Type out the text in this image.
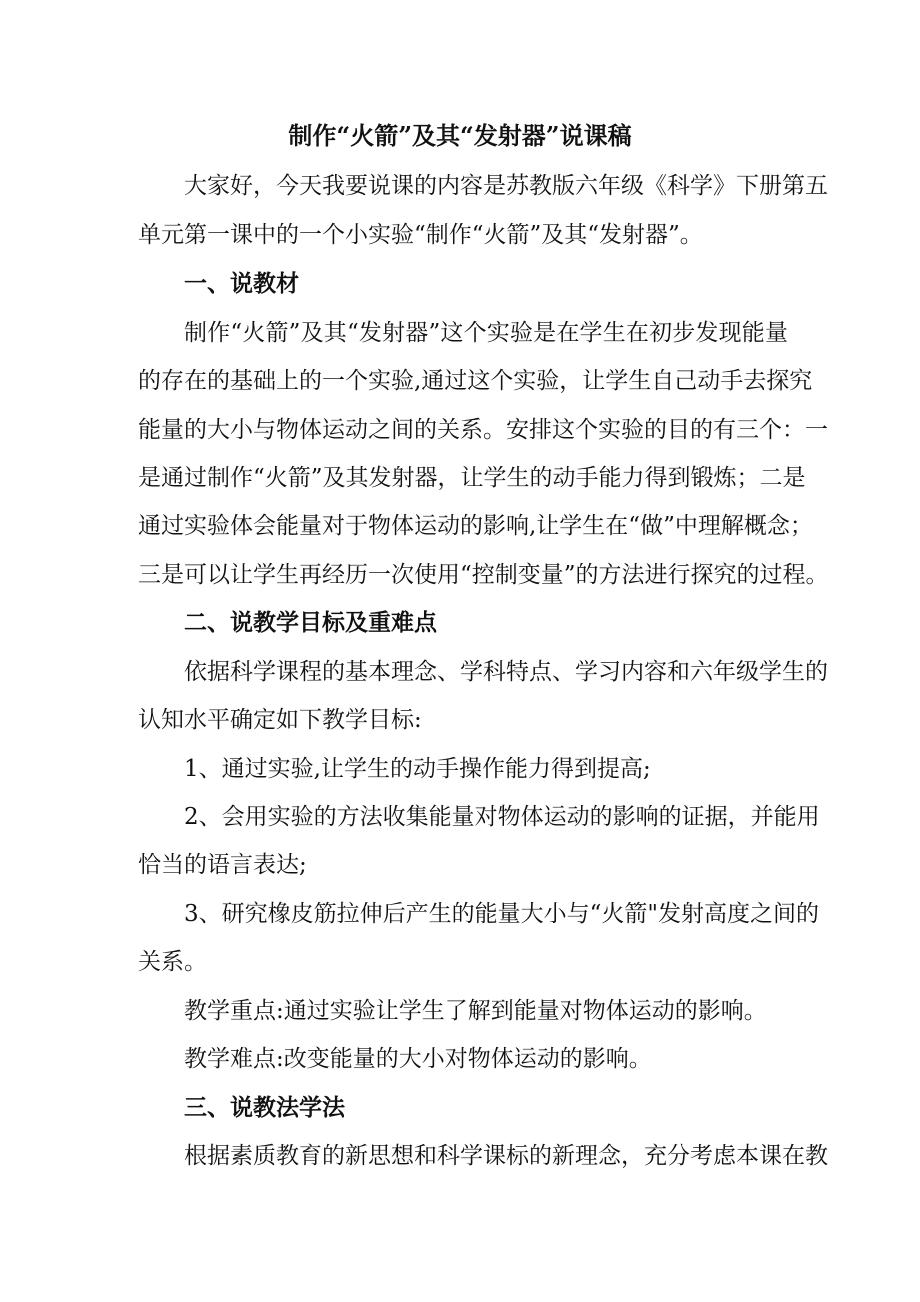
制作“火箭”及其“发射器”说课稿
大家好，今天我要说课的内容是苏教版六年级《科学》下册第五
单元第一课中的一个小实验“制作“火箭”及其“发射器”。
一、说教材
制作“火箭”及其“发射器”这个实验是在学生在初步发现能量
的存在的基础上的一个实验,通过这个实验，让学生自己动手去探究
能量的大小与物体运动之间的关系。安排这个实验的目的有三个：一
是通过制作“火箭”及其发射器，让学生的动手能力得到锻炼；二是
通过实验体会能量对于物体运动的影响,让学生在“做”中理解概念；
三是可以让学生再经历一次使用“控制变量”的方法进行探究的过程。
二、说教学目标及重难点
依据科学课程的基本理念、学科特点、学习内容和六年级学生的
认知水平确定如下教学目标:
1、通过实验,让学生的动手操作能力得到提高;
2、会用实验的方法收集能量对物体运动的影响的证据，并能用
恰当的语言表达;
3、研究橡皮筋拉伸后产生的能量大小与“火箭"发射高度之间的
关系。
教学重点:通过实验让学生了解到能量对物体运动的影响。
教学难点:改变能量的大小对物体运动的影响。
三、说教法学法
根据素质教育的新思想和科学课标的新理念，充分考虑本课在教
